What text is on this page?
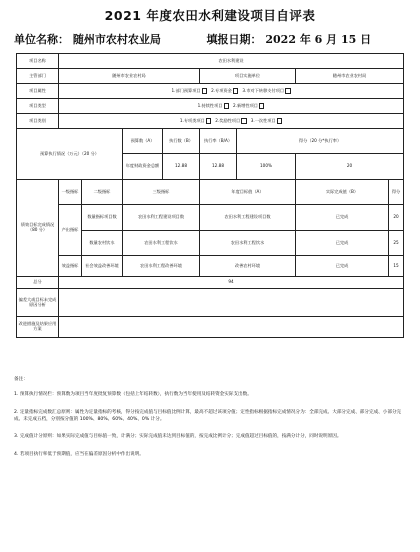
2021 年度农田水利建设项目自评表
单位名称： 随州市农村农业局	填报日期： 2022 年 6 月 15 日
项目名称	农田水利建设							
主管部门	随州市农业农村局				项目实施单位		随州市农业农村局	
项目属性	1.部门预算项目 2.专项资金 3.市对下转移支付项目							
项目类型	1.持续性项目 2.新增性项目							
项目类别	1.专项类项目 2.奖励性项目 3.一次性项目							
预算执行情况（万元）（20 分）			预算数（A）	执行数（B）	执行率（B/A）	得分（20 分*执行率）		
			年度财政资金总额	12.88	12.88	100%	20	
绩效目标完成情况（80 分）	一级指标	二级指标	三级指标		年度目标值（A）		实际完成值（B）	得分
	产出指标	数量指标项目数	农田水利工程建设项目数		农田水利工程建设项目数		已完成	20
		数量农村饮水	农田水利工程饮水		农田水利工程饮水		已完成	25
	效益指标	社会效益改善环境	农田水利工程改善环境		改善农村环境		已完成	15
总分	94							
偏差大或目标未完成原因分析								
改进措施及结果应用方案								

备注：

1. 预算执行情况栏：预算数为项目当年度批复预算数（包括上年结转数），执行数为当年使用及结转资金实际支出数。

2. 定量指标完成数汇总原则：属性为定量指标的考核，得分按完成值与目标值比例计算，最高不超过该项分值；定性指标根据指标完成情况分为：全部完成、大部分完成、部分完成、小部分完成、未完成五档，分别按分值的 100%、80%、60%、40%、0% 计分。

3. 完成值计分原则：如果实际完成值与目标值一致，计满分；实际完成值未达到目标值的，按完成比例计分；完成值超过目标值的，按满分计分，同时说明原因。

4. 若项目执行率低于预期值，应当在偏差原因分析中作出说明。
